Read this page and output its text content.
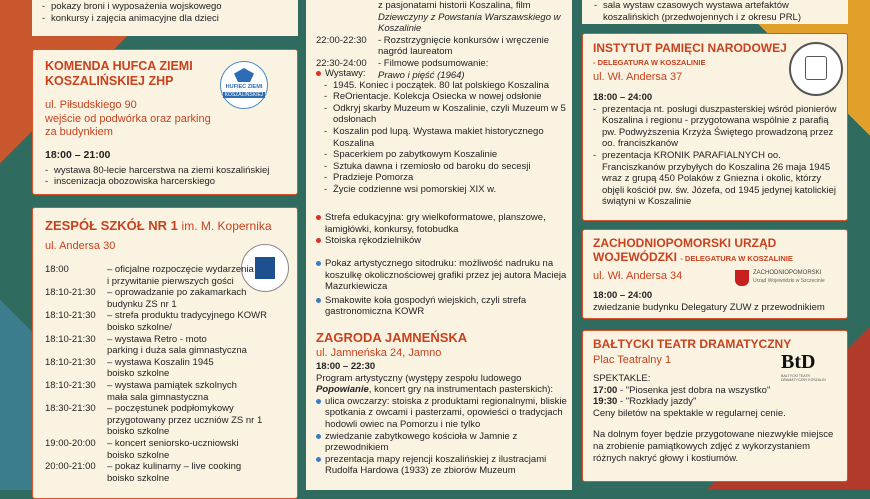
- pokazy broni i wyposażenia wojskowego
- konkursy i zajęcia animacyjne dla dzieci
KOMENDA HUFCA ZIEMI
KOSZALIŃSKIEJ ZHP	HUFIEC ZIEMI
KOSZALIŃSKIEJ
ul. Piłsudskiego 90
wejście od podwórka oraz parking
za budynkiem
18:00 – 21:00
- wystawa 80-lecie harcerstwa na ziemi koszalińskiej
- inscenizacja obozowiska harcerskiego
ZESPÓŁ SZKÓŁ NR 1 im. M. Kopernika
ul. Andersa 30
18:00	– oficjalne rozpoczęcie wydarzenia
i przywitanie pierwszych gości
18:10-21:30	– oprowadzanie po zakamarkach
budynku ZS nr 1
18:10-21:30	– strefa produktu tradycyjnego KOWR
boisko szkolne/
18:10-21:30	– wystawa Retro - moto
parking i duża sala gimnastyczna
18:10-21:30	– wystawa Koszalin 1945
boisko szkolne
18:10-21:30	– wystawa pamiątek szkolnych
mała sala gimnastyczna
18:30-21:30	– poczęstunek podpłomykowy
przygotowany przez uczniów ZS nr 1
boisko szkolne
19:00-20:00	– koncert seniorsko-uczniowski
boisko szkolne
20:00-21:00	– pokaz kulinarny – live cooking
boisko szkolne
z pasjonatami historii Koszalina, film
Dziewczyny z Powstania Warszawskiego w Koszalinie
22:00-22:30	- Rozstrzygnięcie konkursów i wręczenie
nagród laureatom
22:30-24:00	- Filmowe podsumowanie:
Prawo i pięść (1964)
Wystawy:
- 1945. Koniec i początek. 80 lat polskiego Koszalina
- ReOrientacje. Kolekcja Osiecka w nowej odsłonie
- Odkryj skarby Muzeum w Koszalinie, czyli Muzeum w 5 odsłonach
- Koszalin pod lupą. Wystawa makiet historycznego Koszalina
- Spacerkiem po zabytkowym Koszalinie
- Sztuka dawna i rzemiosło od baroku do secesji
- Pradzieje Pomorza
- Życie codzienne wsi pomorskiej XIX w.
Strefa edukacyjna: gry wielkoformatowe, planszowe, łamigłówki, konkursy, fotobudka
Stoiska rękodzielników
Pokaz artystycznego sitodruku: możliwość nadruku na koszulkę okolicznościowej grafiki przez jej autora Macieja Mazurkiewicza
Smakowite koła gospodyń wiejskich, czyli strefa gastronomiczna KOWR
ZAGRODA JAMNEŃSKA
ul. Jamneńska 24, Jamno
18:00 – 22:30
Program artystyczny (występy zespołu ludowego
Popowianie, koncert gry na instrumentach pasterskich):
ulica owczarzy: stoiska z produktami regionalnymi, bliskie spotkania z owcami i pasterzami, opowieści o tradycjach hodowli owiec na Pomorzu i nie tylko
zwiedzanie zabytkowego kościoła w Jamnie z przewodnikiem
prezentacja mapy rejencji koszalińskiej z ilustracjami Rudolfa Hardowa (1933) ze zbiorów Muzeum
- sala wystaw czasowych wystawa artefaktów koszalińskich (przedwojennych i z okresu PRL)
INSTYTUT PAMIĘCI NARODOWEJ
- DELEGATURA W KOSZALINIE
ul. Wł. Andersa 37
18:00 – 24:00
- prezentacja nt. posługi duszpasterskiej wśród pionierów Koszalina i regionu - przygotowana wspólnie z parafią pw. Podwyższenia Krzyża Świętego prowadzoną przez oo. franciszkanów
- prezentacja KRONIK PARAFIALNYCH oo. Franciszkanów przybyłych do Koszalina 26 maja 1945 wraz z grupą 450 Polaków z Gniezna i okolic, którzy objęli kościół pw. św. Józefa, od 1945 jedynej katolickiej świątyni w Koszalinie
ZACHODNIOPOMORSKI URZĄD
WOJEWÓDZKI - DELEGATURA W KOSZALINIE
ul. Wł. Andersa 34	ZACHODNIOPOMORSKI
Urząd Wojewódzki w Szczecinie
18:00 – 24:00
zwiedzanie budynku Delegatury ZUW z przewodnikiem
BAŁTYCKI TEATR DRAMATYCZNY
Plac Teatralny 1	BtD
BAŁTYCKI TEATR DRAMATYCZNY KOSZALIN
SPEKTAKLE:
17:00 - "Piosenka jest dobra na wszystko"
19:30 - "Rozkłady jazdy"
Ceny biletów na spektakle w regularnej cenie.
Na dolnym foyer będzie przygotowane niezwykłe miejsce na zrobienie pamiątkowych zdjęć z wykorzystaniem różnych nakryć głowy i kostiumów.
